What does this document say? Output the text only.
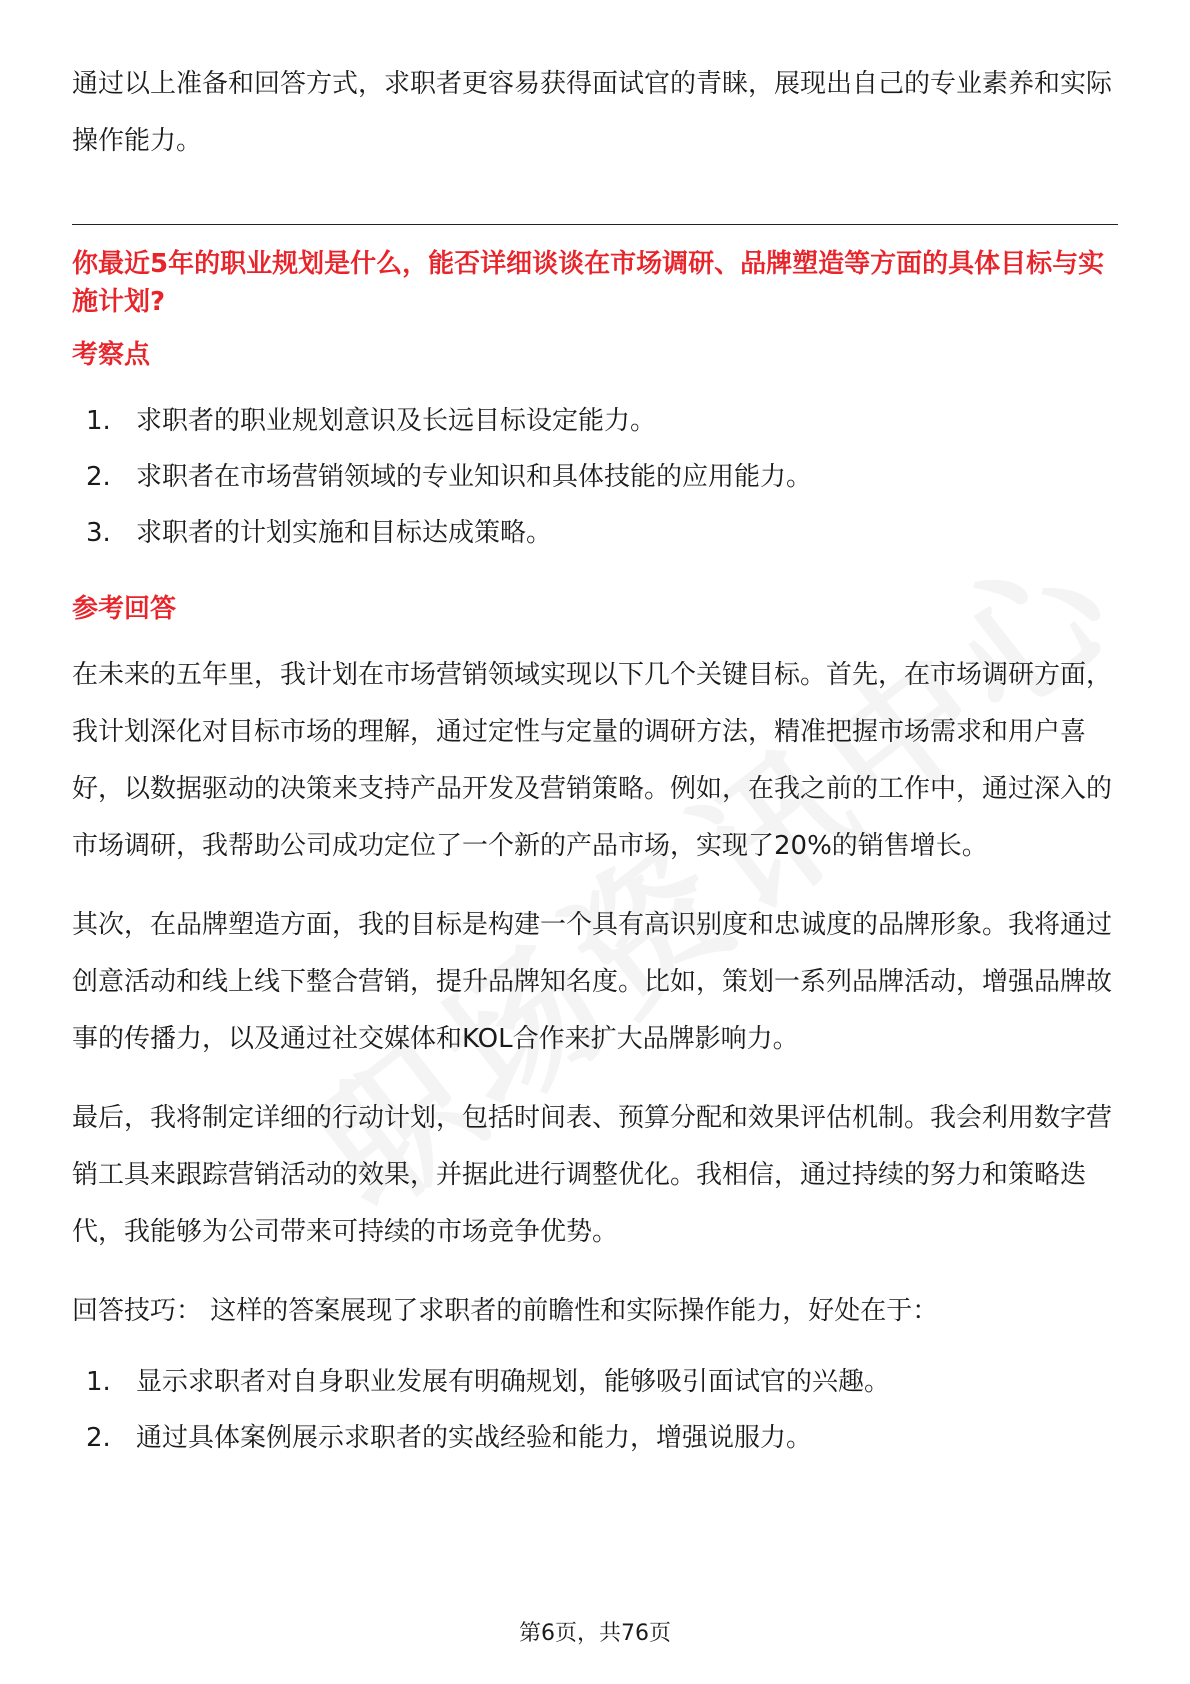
通过以上准备和回答方式，求职者更容易获得面试官的青睐，展现出自己的专业素养和实际操作能力。

你最近5年的职业规划是什么，能否详细谈谈在市场调研、品牌塑造等方面的具体目标与实施计划?

考察点
1. 求职者的职业规划意识及长远目标设定能力。
2. 求职者在市场营销领域的专业知识和具体技能的应用能力。
3. 求职者的计划实施和目标达成策略。
参考回答

在未来的五年里，我计划在市场营销领域实现以下几个关键目标。首先，在市场调研方面，我计划深化对目标市场的理解，通过定性与定量的调研方法，精准把握市场需求和用户喜好，以数据驱动的决策来支持产品开发及营销策略。例如，在我之前的工作中，通过深入的市场调研，我帮助公司成功定位了一个新的产品市场，实现了20%的销售增长。

其次，在品牌塑造方面，我的目标是构建一个具有高识别度和忠诚度的品牌形象。我将通过创意活动和线上线下整合营销，提升品牌知名度。比如，策划一系列品牌活动，增强品牌故事的传播力，以及通过社交媒体和KOL合作来扩大品牌影响力。

最后，我将制定详细的行动计划，包括时间表、预算分配和效果评估机制。我会利用数字营销工具来跟踪营销活动的效果，并据此进行调整优化。我相信，通过持续的努力和策略迭代，我能够为公司带来可持续的市场竞争优势。

回答技巧： 这样的答案展现了求职者的前瞻性和实际操作能力，好处在于：

1. 显示求职者对自身职业发展有明确规划，能够吸引面试官的兴趣。
2. 通过具体案例展示求职者的实战经验和能力，增强说服力。
第6页，共76页
